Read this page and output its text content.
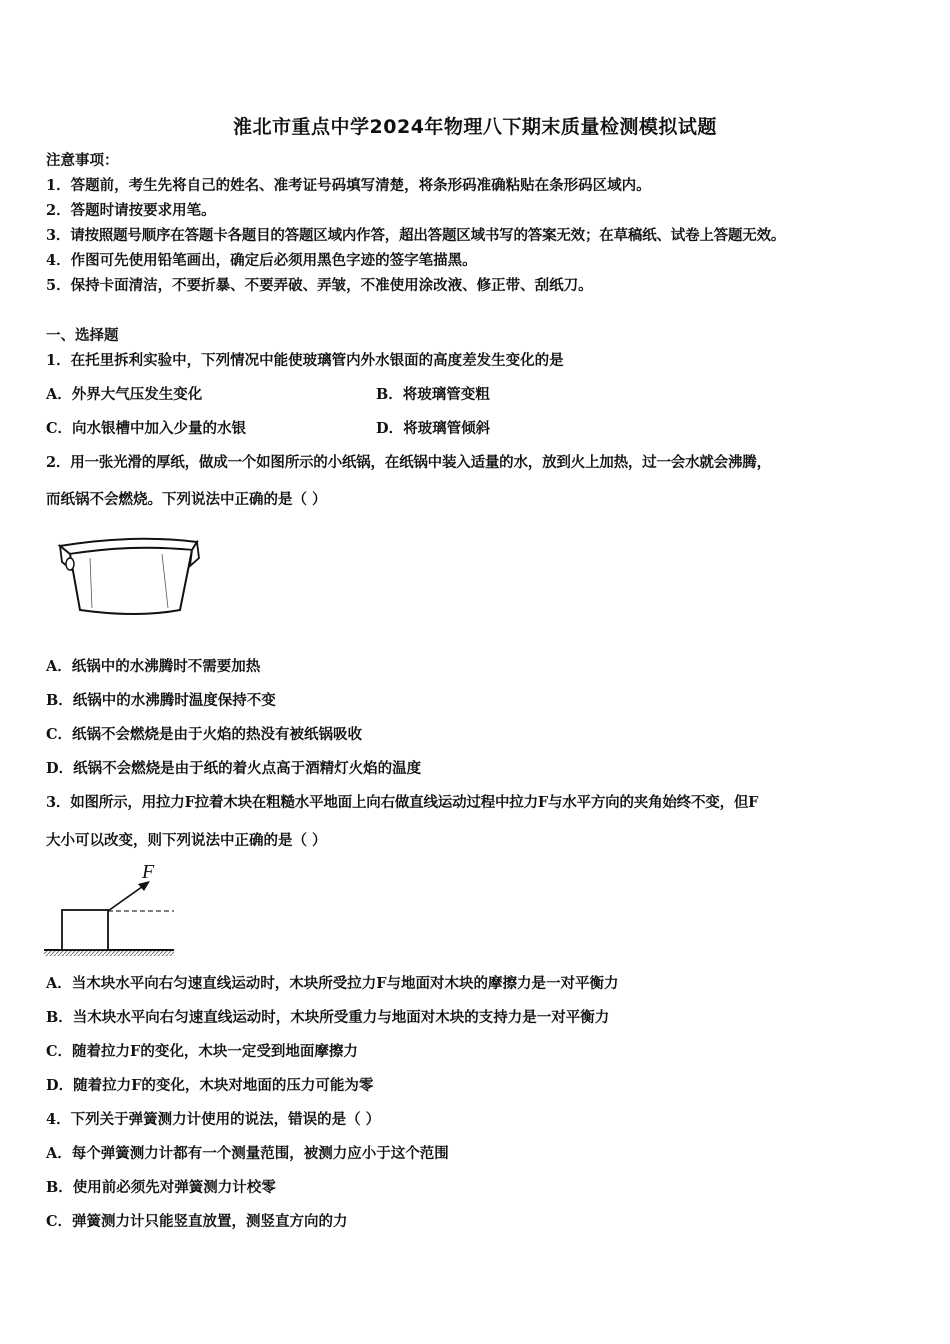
淮北市重点中学2024年物理八下期末质量检测模拟试题
注意事项：
1．答题前，考生先将自己的姓名、准考证号码填写清楚，将条形码准确粘贴在条形码区域内。
2．答题时请按要求用笔。
3．请按照题号顺序在答题卡各题目的答题区域内作答，超出答题区域书写的答案无效；在草稿纸、试卷上答题无效。
4．作图可先使用铅笔画出，确定后必须用黑色字迹的签字笔描黑。
5．保持卡面清洁，不要折暴、不要弄破、弄皱，不准使用涂改液、修正带、刮纸刀。
一、选择题
1．在托里拆利实验中，下列情况中能使玻璃管内外水银面的高度差发生变化的是
A．外界大气压发生变化	B．将玻璃管变粗
C．向水银槽中加入少量的水银	D．将玻璃管倾斜
2．用一张光滑的厚纸，做成一个如图所示的小纸锅，在纸锅中装入适量的水，放到火上加热，过一会水就会沸腾，
而纸锅不会燃烧。下列说法中正确的是（ ）
A．纸锅中的水沸腾时不需要加热
B．纸锅中的水沸腾时温度保持不变
C．纸锅不会燃烧是由于火焰的热没有被纸锅吸收
D．纸锅不会燃烧是由于纸的着火点高于酒精灯火焰的温度
3．如图所示，用拉力F拉着木块在粗糙水平地面上向右做直线运动过程中拉力F与水平方向的夹角始终不变，但F
大小可以改变，则下列说法中正确的是（ ）
F
A．当木块水平向右匀速直线运动时，木块所受拉力F与地面对木块的摩擦力是一对平衡力
B．当木块水平向右匀速直线运动时，木块所受重力与地面对木块的支持力是一对平衡力
C．随着拉力F的变化，木块一定受到地面摩擦力
D．随着拉力F的变化，木块对地面的压力可能为零
4．下列关于弹簧测力计使用的说法，错误的是（ ）
A．每个弹簧测力计都有一个测量范围，被测力应小于这个范围
B．使用前必须先对弹簧测力计校零
C．弹簧测力计只能竖直放置，测竖直方向的力
